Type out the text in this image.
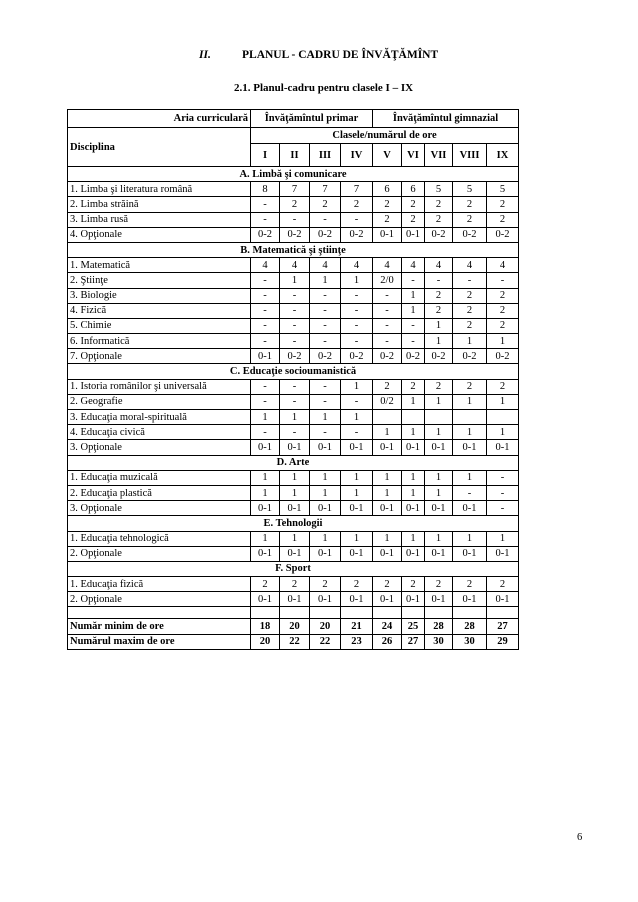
II.	PLANUL - CADRU DE ÎNVĂŢĂMÎNT
2.1. Planul-cadru pentru clasele I – IX
Aria curriculară	Învăţămîntul primar				Învăţămîntul gimnazial				
Disciplina	Clasele/numărul de ore								
	I	II	III	IV	V	VI	VII	VIII	IX
A. Limbă şi comunicare									
1. Limba şi literatura română	8	7	7	7	6	6	5	5	5
2. Limba străină	-	2	2	2	2	2	2	2	2
3. Limba rusă	-	-	-	-	2	2	2	2	2
4. Opţionale	0-2	0-2	0-2	0-2	0-1	0-1	0-2	0-2	0-2
B. Matematică şi ştiinţe									
1. Matematică	4	4	4	4	4	4	4	4	4
2. Ştiinţe	-	1	1	1	2/0	-	-	-	-
3. Biologie	-	-	-	-	-	1	2	2	2
4. Fizică	-	-	-	-	-	1	2	2	2
5. Chimie	-	-	-	-	-	-	1	2	2
6. Informatică	-	-	-	-	-	-	1	1	1
7. Opţionale	0-1	0-2	0-2	0-2	0-2	0-2	0-2	0-2	0-2
C. Educaţie socioumanistică									
1. Istoria românilor şi universală	-	-	-	1	2	2	2	2	2
2. Geografie	-	-	-	-	0/2	1	1	1	1
3. Educaţia moral-spirituală	1	1	1	1					
4. Educaţia civică	-	-	-	-	1	1	1	1	1
3. Opţionale	0-1	0-1	0-1	0-1	0-1	0-1	0-1	0-1	0-1
D. Arte									
1. Educaţia muzicală	1	1	1	1	1	1	1	1	-
2. Educaţia plastică	1	1	1	1	1	1	1	-	-
3. Opţionale	0-1	0-1	0-1	0-1	0-1	0-1	0-1	0-1	-
E. Tehnologii									
1. Educaţia tehnologică	1	1	1	1	1	1	1	1	1
2. Opţionale	0-1	0-1	0-1	0-1	0-1	0-1	0-1	0-1	0-1
F. Sport									
1. Educaţia fizică	2	2	2	2	2	2	2	2	2
2. Opţionale	0-1	0-1	0-1	0-1	0-1	0-1	0-1	0-1	0-1

Număr minim de ore	18	20	20	21	24	25	28	28	27
Numărul maxim de ore	20	22	22	23	26	27	30	30	29
6
